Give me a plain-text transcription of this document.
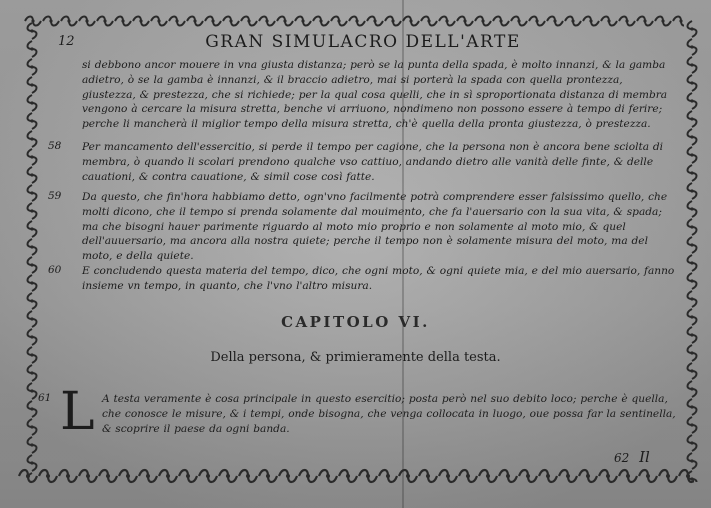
12	GRAN SIMULACRO DELL'ARTE
si debbono ancor mouere in vna giusta distanza; però se la punta della spada, è molto innanzi, & la gamba adietro, ò se la gamba è innanzi, & il braccio adietro, mai si porterà la spada con quella prontezza, giustezza, & prestezza, che si richiede; per la qual cosa quelli, che in sì sproportionata distanza di membra vengono à cercare la misura stretta, benche vi arriuono, nondimeno non possono essere à tempo di ferire; perche li mancherà il miglior tempo della misura stretta, ch'è quella della pronta giustezza, ò prestezza.
58 Per mancamento dell'essercitio, si perde il tempo per cagione, che la persona non è ancora bene sciolta di membra, ò quando li scolari prendono qualche vso cattiuo, andando dietro alle vanità delle finte, & delle cauationi, & contra cauatione, & simil cose così fatte.
59 Da questo, che fin'hora habbiamo detto, ogn'vno facilmente potrà comprendere esser falsissimo quello, che molti dicono, che il tempo si prenda solamente dal mouimento, che fa l'auersario con la sua vita, & spada; ma che bisogni hauer parimente riguardo al moto mio proprio e non solamente al moto mio, & quel dell'auuersario, ma ancora alla nostra quiete; perche il tempo non è solamente misura del moto, ma del moto, e della quiete.
60 E concludendo questa materia del tempo, dico, che ogni moto, & ogni quiete mia, e del mio auersario, fanno insieme vn tempo, in quanto, che l'vno l'altro misura.
CAPITOLO VI.
Della persona, & primieramente della testa.
61 L A testa veramente è cosa principale in questo esercitio; posta però nel suo debito loco; perche è quella, che conosce le misure, & i tempi, onde bisogna, che venga collocata in luogo, oue possa far la sentinella, & scoprire il paese da ogni banda.
62 Il
